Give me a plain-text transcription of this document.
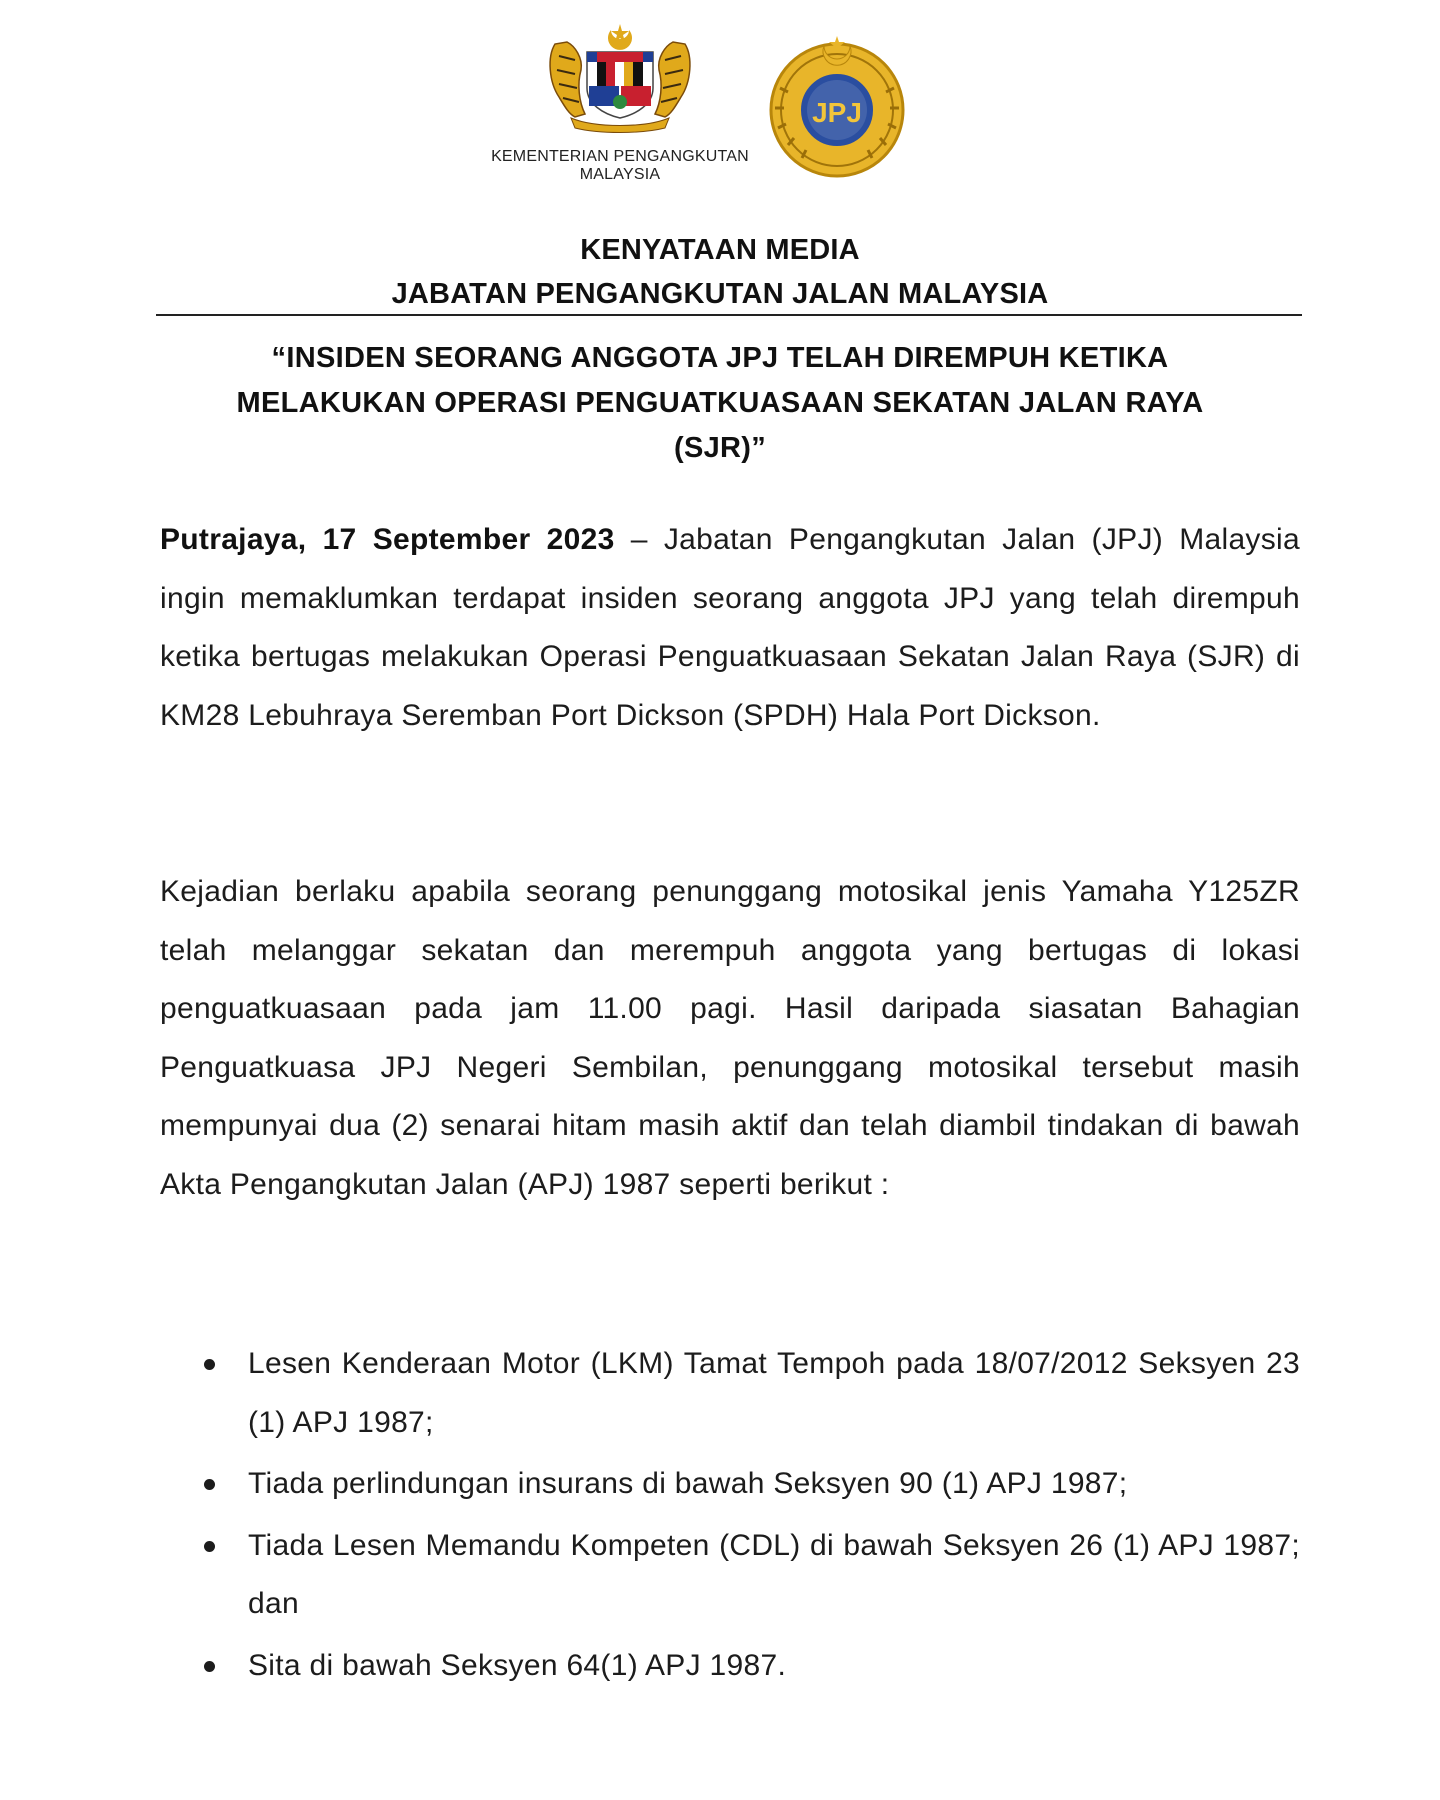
KEMENTERIAN PENGANGKUTAN
MALAYSIA
JPJ
KENYATAAN MEDIA
JABATAN PENGANGKUTAN JALAN MALAYSIA
“INSIDEN SEORANG ANGGOTA JPJ TELAH DIREMPUH KETIKA
MELAKUKAN OPERASI PENGUATKUASAAN SEKATAN JALAN RAYA
(SJR)”

Putrajaya, 17 September 2023 – Jabatan Pengangkutan Jalan (JPJ) Malaysia ingin memaklumkan terdapat insiden seorang anggota JPJ yang telah dirempuh ketika bertugas melakukan Operasi Penguatkuasaan Sekatan Jalan Raya (SJR) di KM28 Lebuhraya Seremban Port Dickson (SPDH) Hala Port Dickson.

Kejadian berlaku apabila seorang penunggang motosikal jenis Yamaha Y125ZR telah melanggar sekatan dan merempuh anggota yang bertugas di lokasi penguatkuasaan pada jam 11.00 pagi. Hasil daripada siasatan Bahagian Penguatkuasa JPJ Negeri Sembilan, penunggang motosikal tersebut masih mempunyai dua (2) senarai hitam masih aktif dan telah diambil tindakan di bawah Akta Pengangkutan Jalan (APJ) 1987 seperti berikut :

Lesen Kenderaan Motor (LKM) Tamat Tempoh pada 18/07/2012 Seksyen 23 (1) APJ 1987;
Tiada perlindungan insurans di bawah Seksyen 90 (1) APJ 1987;
Tiada Lesen Memandu Kompeten (CDL) di bawah Seksyen 26 (1) APJ 1987; dan
Sita di bawah Seksyen 64(1) APJ 1987.
